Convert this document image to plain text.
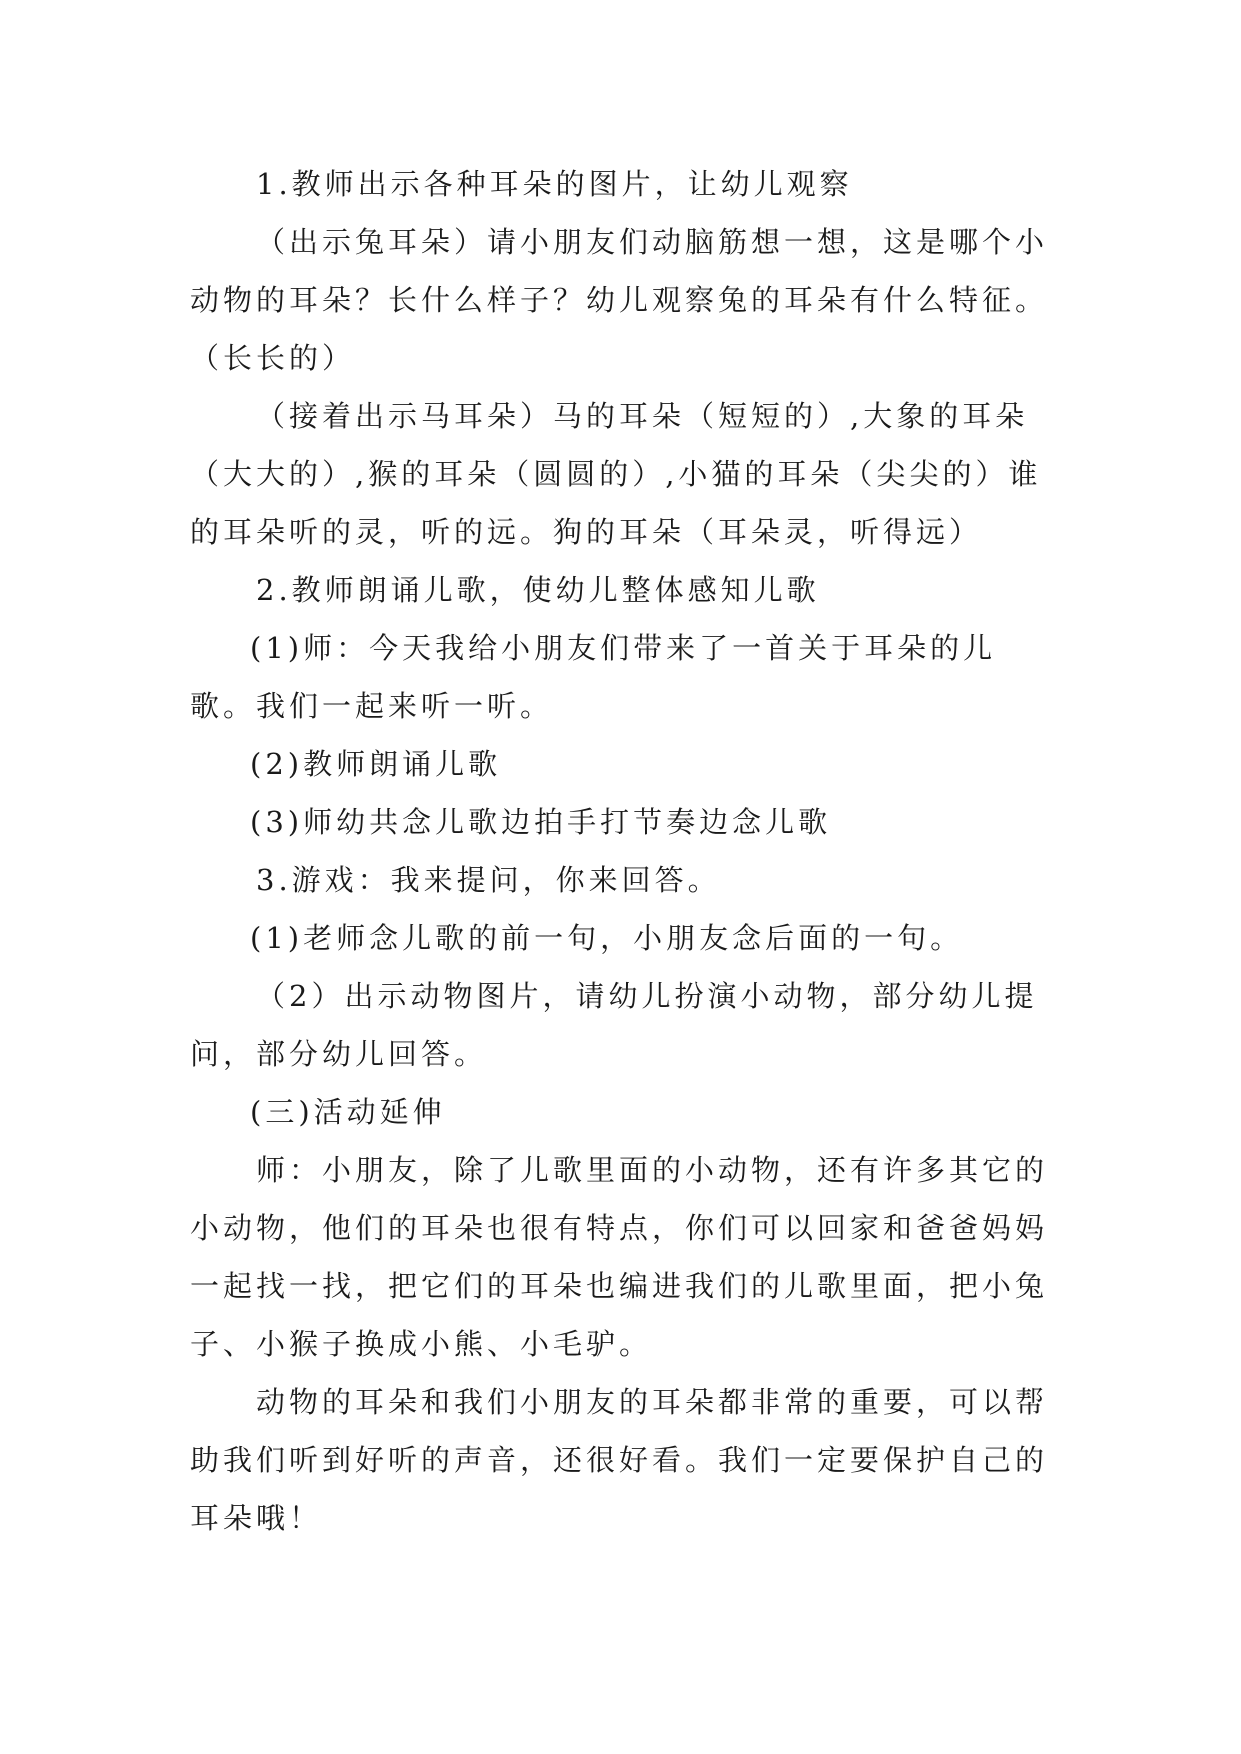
1.教师出示各种耳朵的图片，让幼儿观察

（出示兔耳朵）请小朋友们动脑筋想一想，这是哪个小动物的耳朵？长什么样子？幼儿观察兔的耳朵有什么特征。（长长的）

（接着出示马耳朵）马的耳朵（短短的）,大象的耳朵（大大的）,猴的耳朵（圆圆的）,小猫的耳朵（尖尖的）谁的耳朵听的灵，听的远。狗的耳朵（耳朵灵，听得远）

2.教师朗诵儿歌，使幼儿整体感知儿歌

(1)师：今天我给小朋友们带来了一首关于耳朵的儿歌。我们一起来听一听。

(2)教师朗诵儿歌

(3)师幼共念儿歌边拍手打节奏边念儿歌

3.游戏：我来提问，你来回答。

(1)老师念儿歌的前一句，小朋友念后面的一句。

（2）出示动物图片，请幼儿扮演小动物，部分幼儿提问，部分幼儿回答。

(三)活动延伸

师：小朋友，除了儿歌里面的小动物，还有许多其它的小动物，他们的耳朵也很有特点，你们可以回家和爸爸妈妈一起找一找，把它们的耳朵也编进我们的儿歌里面，把小兔子、小猴子换成小熊、小毛驴。

动物的耳朵和我们小朋友的耳朵都非常的重要，可以帮助我们听到好听的声音，还很好看。我们一定要保护自己的耳朵哦！
